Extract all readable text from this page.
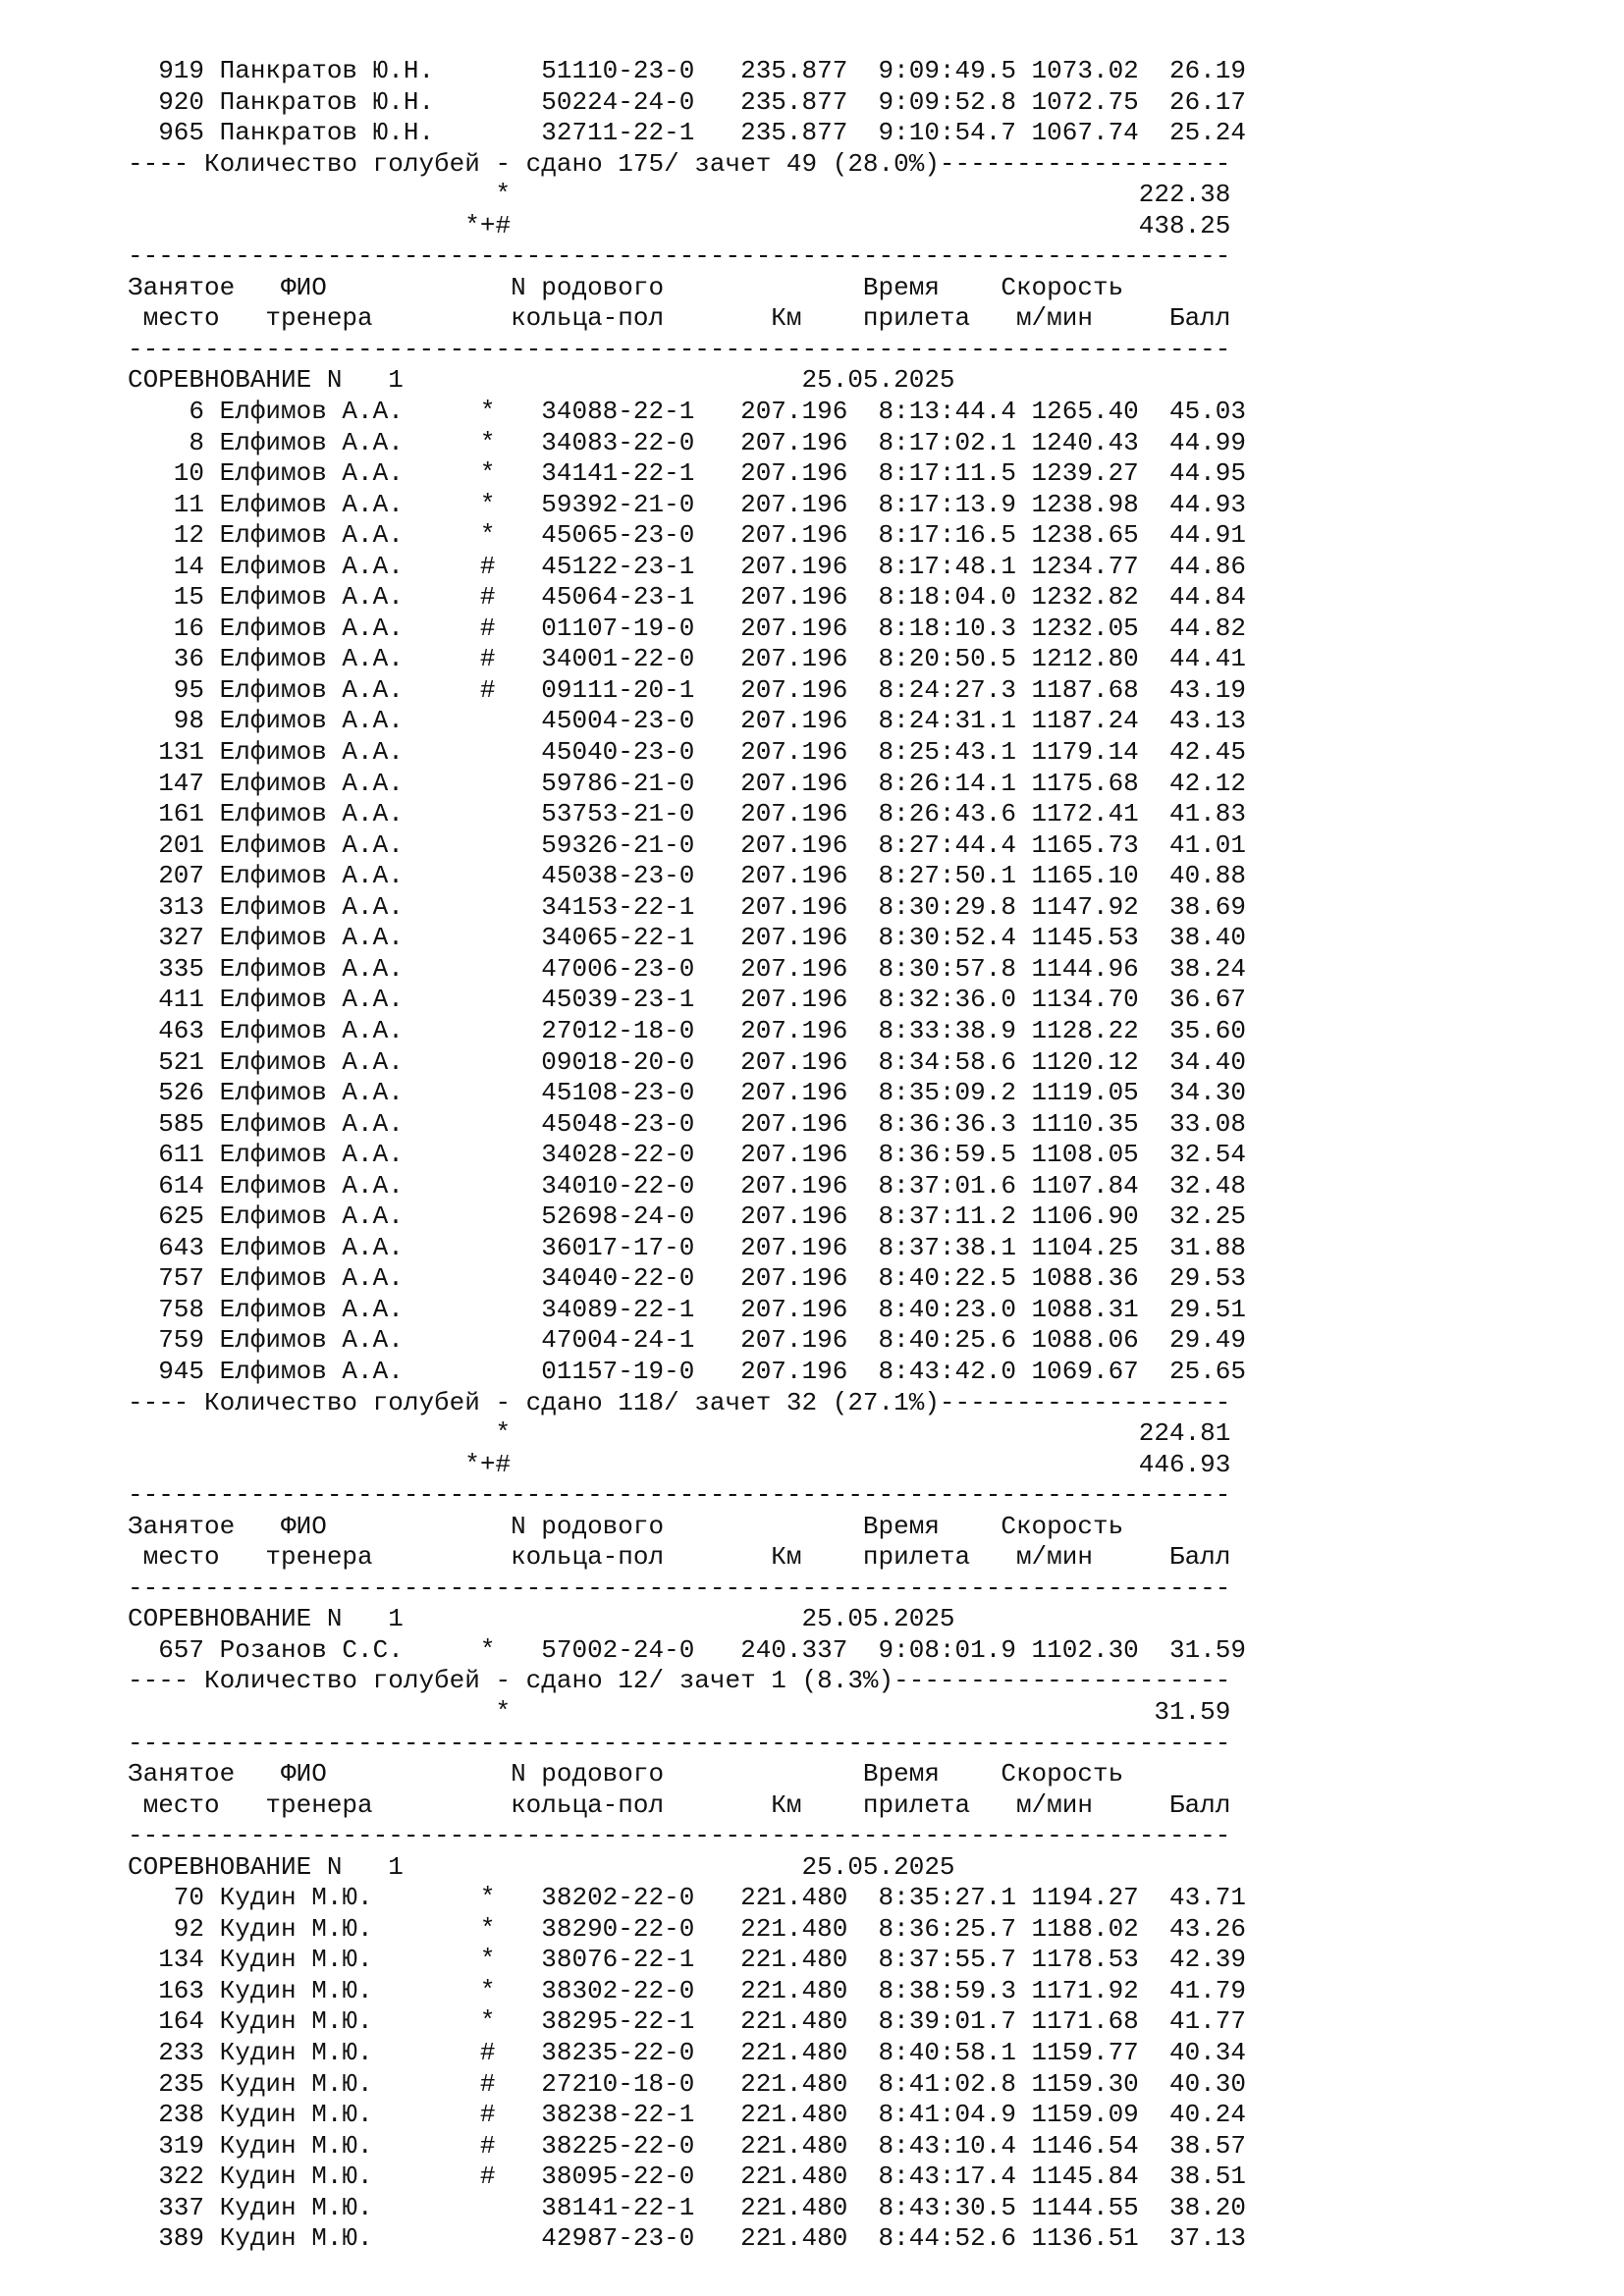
919 Панкратов Ю.Н.       51110-23-0   235.877  9:09:49.5 1073.02  26.19
920 Панкратов Ю.Н.       50224-24-0   235.877  9:09:52.8 1072.75  26.17
965 Панкратов Ю.Н.       32711-22-1   235.877  9:10:54.7 1067.74  25.24
---- Количество голубей - сдано 175/ зачет 49 (28.0%)-------------------
*                                         222.38
*+#                                         438.25
------------------------------------------------------------------------
Занятое   ФИО            N родового             Время    Скорость
место   тренера         кольца-пол       Км    прилета   м/мин     Балл
------------------------------------------------------------------------
СОРЕВНОВАНИЕ N   1                          25.05.2025
6 Елфимов А.А.     *   34088-22-1   207.196  8:13:44.4 1265.40  45.03
8 Елфимов А.А.     *   34083-22-0   207.196  8:17:02.1 1240.43  44.99
10 Елфимов А.А.     *   34141-22-1   207.196  8:17:11.5 1239.27  44.95
11 Елфимов А.А.     *   59392-21-0   207.196  8:17:13.9 1238.98  44.93
12 Елфимов А.А.     *   45065-23-0   207.196  8:17:16.5 1238.65  44.91
14 Елфимов А.А.     #   45122-23-1   207.196  8:17:48.1 1234.77  44.86
15 Елфимов А.А.     #   45064-23-1   207.196  8:18:04.0 1232.82  44.84
16 Елфимов А.А.     #   01107-19-0   207.196  8:18:10.3 1232.05  44.82
36 Елфимов А.А.     #   34001-22-0   207.196  8:20:50.5 1212.80  44.41
95 Елфимов А.А.     #   09111-20-1   207.196  8:24:27.3 1187.68  43.19
98 Елфимов А.А.         45004-23-0   207.196  8:24:31.1 1187.24  43.13
131 Елфимов А.А.         45040-23-0   207.196  8:25:43.1 1179.14  42.45
147 Елфимов А.А.         59786-21-0   207.196  8:26:14.1 1175.68  42.12
161 Елфимов А.А.         53753-21-0   207.196  8:26:43.6 1172.41  41.83
201 Елфимов А.А.         59326-21-0   207.196  8:27:44.4 1165.73  41.01
207 Елфимов А.А.         45038-23-0   207.196  8:27:50.1 1165.10  40.88
313 Елфимов А.А.         34153-22-1   207.196  8:30:29.8 1147.92  38.69
327 Елфимов А.А.         34065-22-1   207.196  8:30:52.4 1145.53  38.40
335 Елфимов А.А.         47006-23-0   207.196  8:30:57.8 1144.96  38.24
411 Елфимов А.А.         45039-23-1   207.196  8:32:36.0 1134.70  36.67
463 Елфимов А.А.         27012-18-0   207.196  8:33:38.9 1128.22  35.60
521 Елфимов А.А.         09018-20-0   207.196  8:34:58.6 1120.12  34.40
526 Елфимов А.А.         45108-23-0   207.196  8:35:09.2 1119.05  34.30
585 Елфимов А.А.         45048-23-0   207.196  8:36:36.3 1110.35  33.08
611 Елфимов А.А.         34028-22-0   207.196  8:36:59.5 1108.05  32.54
614 Елфимов А.А.         34010-22-0   207.196  8:37:01.6 1107.84  32.48
625 Елфимов А.А.         52698-24-0   207.196  8:37:11.2 1106.90  32.25
643 Елфимов А.А.         36017-17-0   207.196  8:37:38.1 1104.25  31.88
757 Елфимов А.А.         34040-22-0   207.196  8:40:22.5 1088.36  29.53
758 Елфимов А.А.         34089-22-1   207.196  8:40:23.0 1088.31  29.51
759 Елфимов А.А.         47004-24-1   207.196  8:40:25.6 1088.06  29.49
945 Елфимов А.А.         01157-19-0   207.196  8:43:42.0 1069.67  25.65
---- Количество голубей - сдано 118/ зачет 32 (27.1%)-------------------
*                                         224.81
*+#                                         446.93
------------------------------------------------------------------------
Занятое   ФИО            N родового             Время    Скорость
место   тренера         кольца-пол       Км    прилета   м/мин     Балл
------------------------------------------------------------------------
СОРЕВНОВАНИЕ N   1                          25.05.2025
657 Розанов С.С.     *   57002-24-0   240.337  9:08:01.9 1102.30  31.59
---- Количество голубей - сдано 12/ зачет 1 (8.3%)----------------------
*                                          31.59
------------------------------------------------------------------------
Занятое   ФИО            N родового             Время    Скорость
место   тренера         кольца-пол       Км    прилета   м/мин     Балл
------------------------------------------------------------------------
СОРЕВНОВАНИЕ N   1                          25.05.2025
70 Кудин М.Ю.       *   38202-22-0   221.480  8:35:27.1 1194.27  43.71
92 Кудин М.Ю.       *   38290-22-0   221.480  8:36:25.7 1188.02  43.26
134 Кудин М.Ю.       *   38076-22-1   221.480  8:37:55.7 1178.53  42.39
163 Кудин М.Ю.       *   38302-22-0   221.480  8:38:59.3 1171.92  41.79
164 Кудин М.Ю.       *   38295-22-1   221.480  8:39:01.7 1171.68  41.77
233 Кудин М.Ю.       #   38235-22-0   221.480  8:40:58.1 1159.77  40.34
235 Кудин М.Ю.       #   27210-18-0   221.480  8:41:02.8 1159.30  40.30
238 Кудин М.Ю.       #   38238-22-1   221.480  8:41:04.9 1159.09  40.24
319 Кудин М.Ю.       #   38225-22-0   221.480  8:43:10.4 1146.54  38.57
322 Кудин М.Ю.       #   38095-22-0   221.480  8:43:17.4 1145.84  38.51
337 Кудин М.Ю.           38141-22-1   221.480  8:43:30.5 1144.55  38.20
389 Кудин М.Ю.           42987-23-0   221.480  8:44:52.6 1136.51  37.13
